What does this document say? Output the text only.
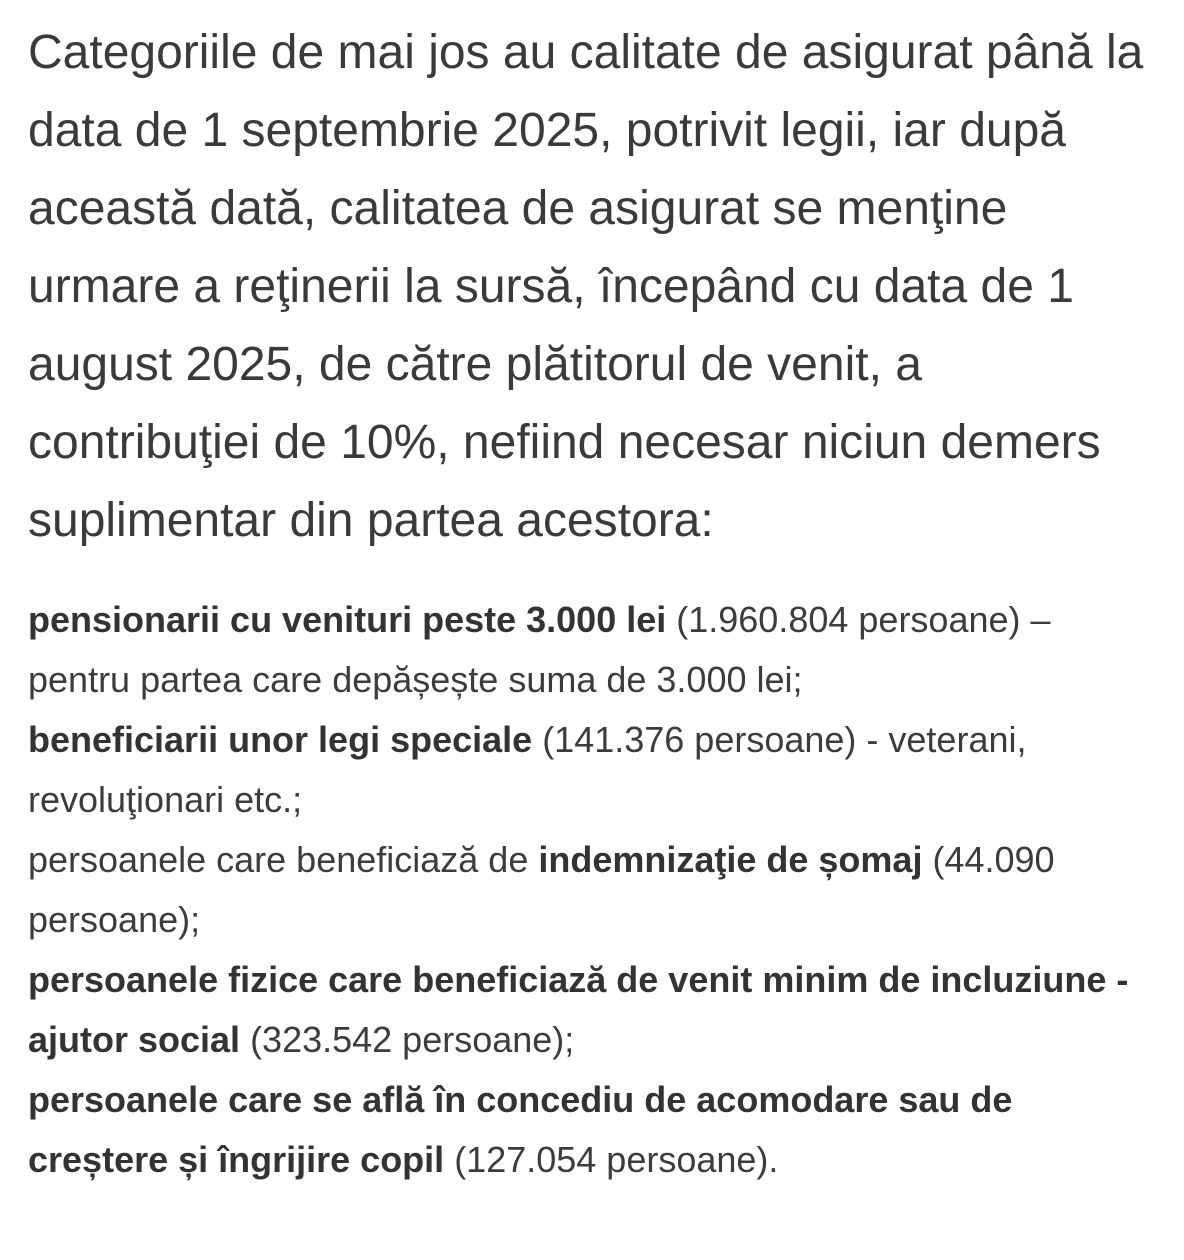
Categoriile de mai jos au calitate de asigurat până la data de 1 septembrie 2025, potrivit legii, iar după această dată, calitatea de asigurat se menţine urmare a reţinerii la sursă, începând cu data de 1 august 2025, de către plătitorul de venit, a contribuţiei de 10%, nefiind necesar niciun demers suplimentar din partea acestora:

pensionarii cu venituri peste 3.000 lei (1.960.804 persoane) – pentru partea care depășește suma de 3.000 lei;

beneficiarii unor legi speciale (141.376 persoane) - veterani, revoluţionari etc.;

persoanele care beneficiază de indemnizaţie de șomaj (44.090 persoane);

persoanele fizice care beneficiază de venit minim de incluziune - ajutor social (323.542 persoane);

persoanele care se află în concediu de acomodare sau de creștere și îngrijire copil (127.054 persoane).
